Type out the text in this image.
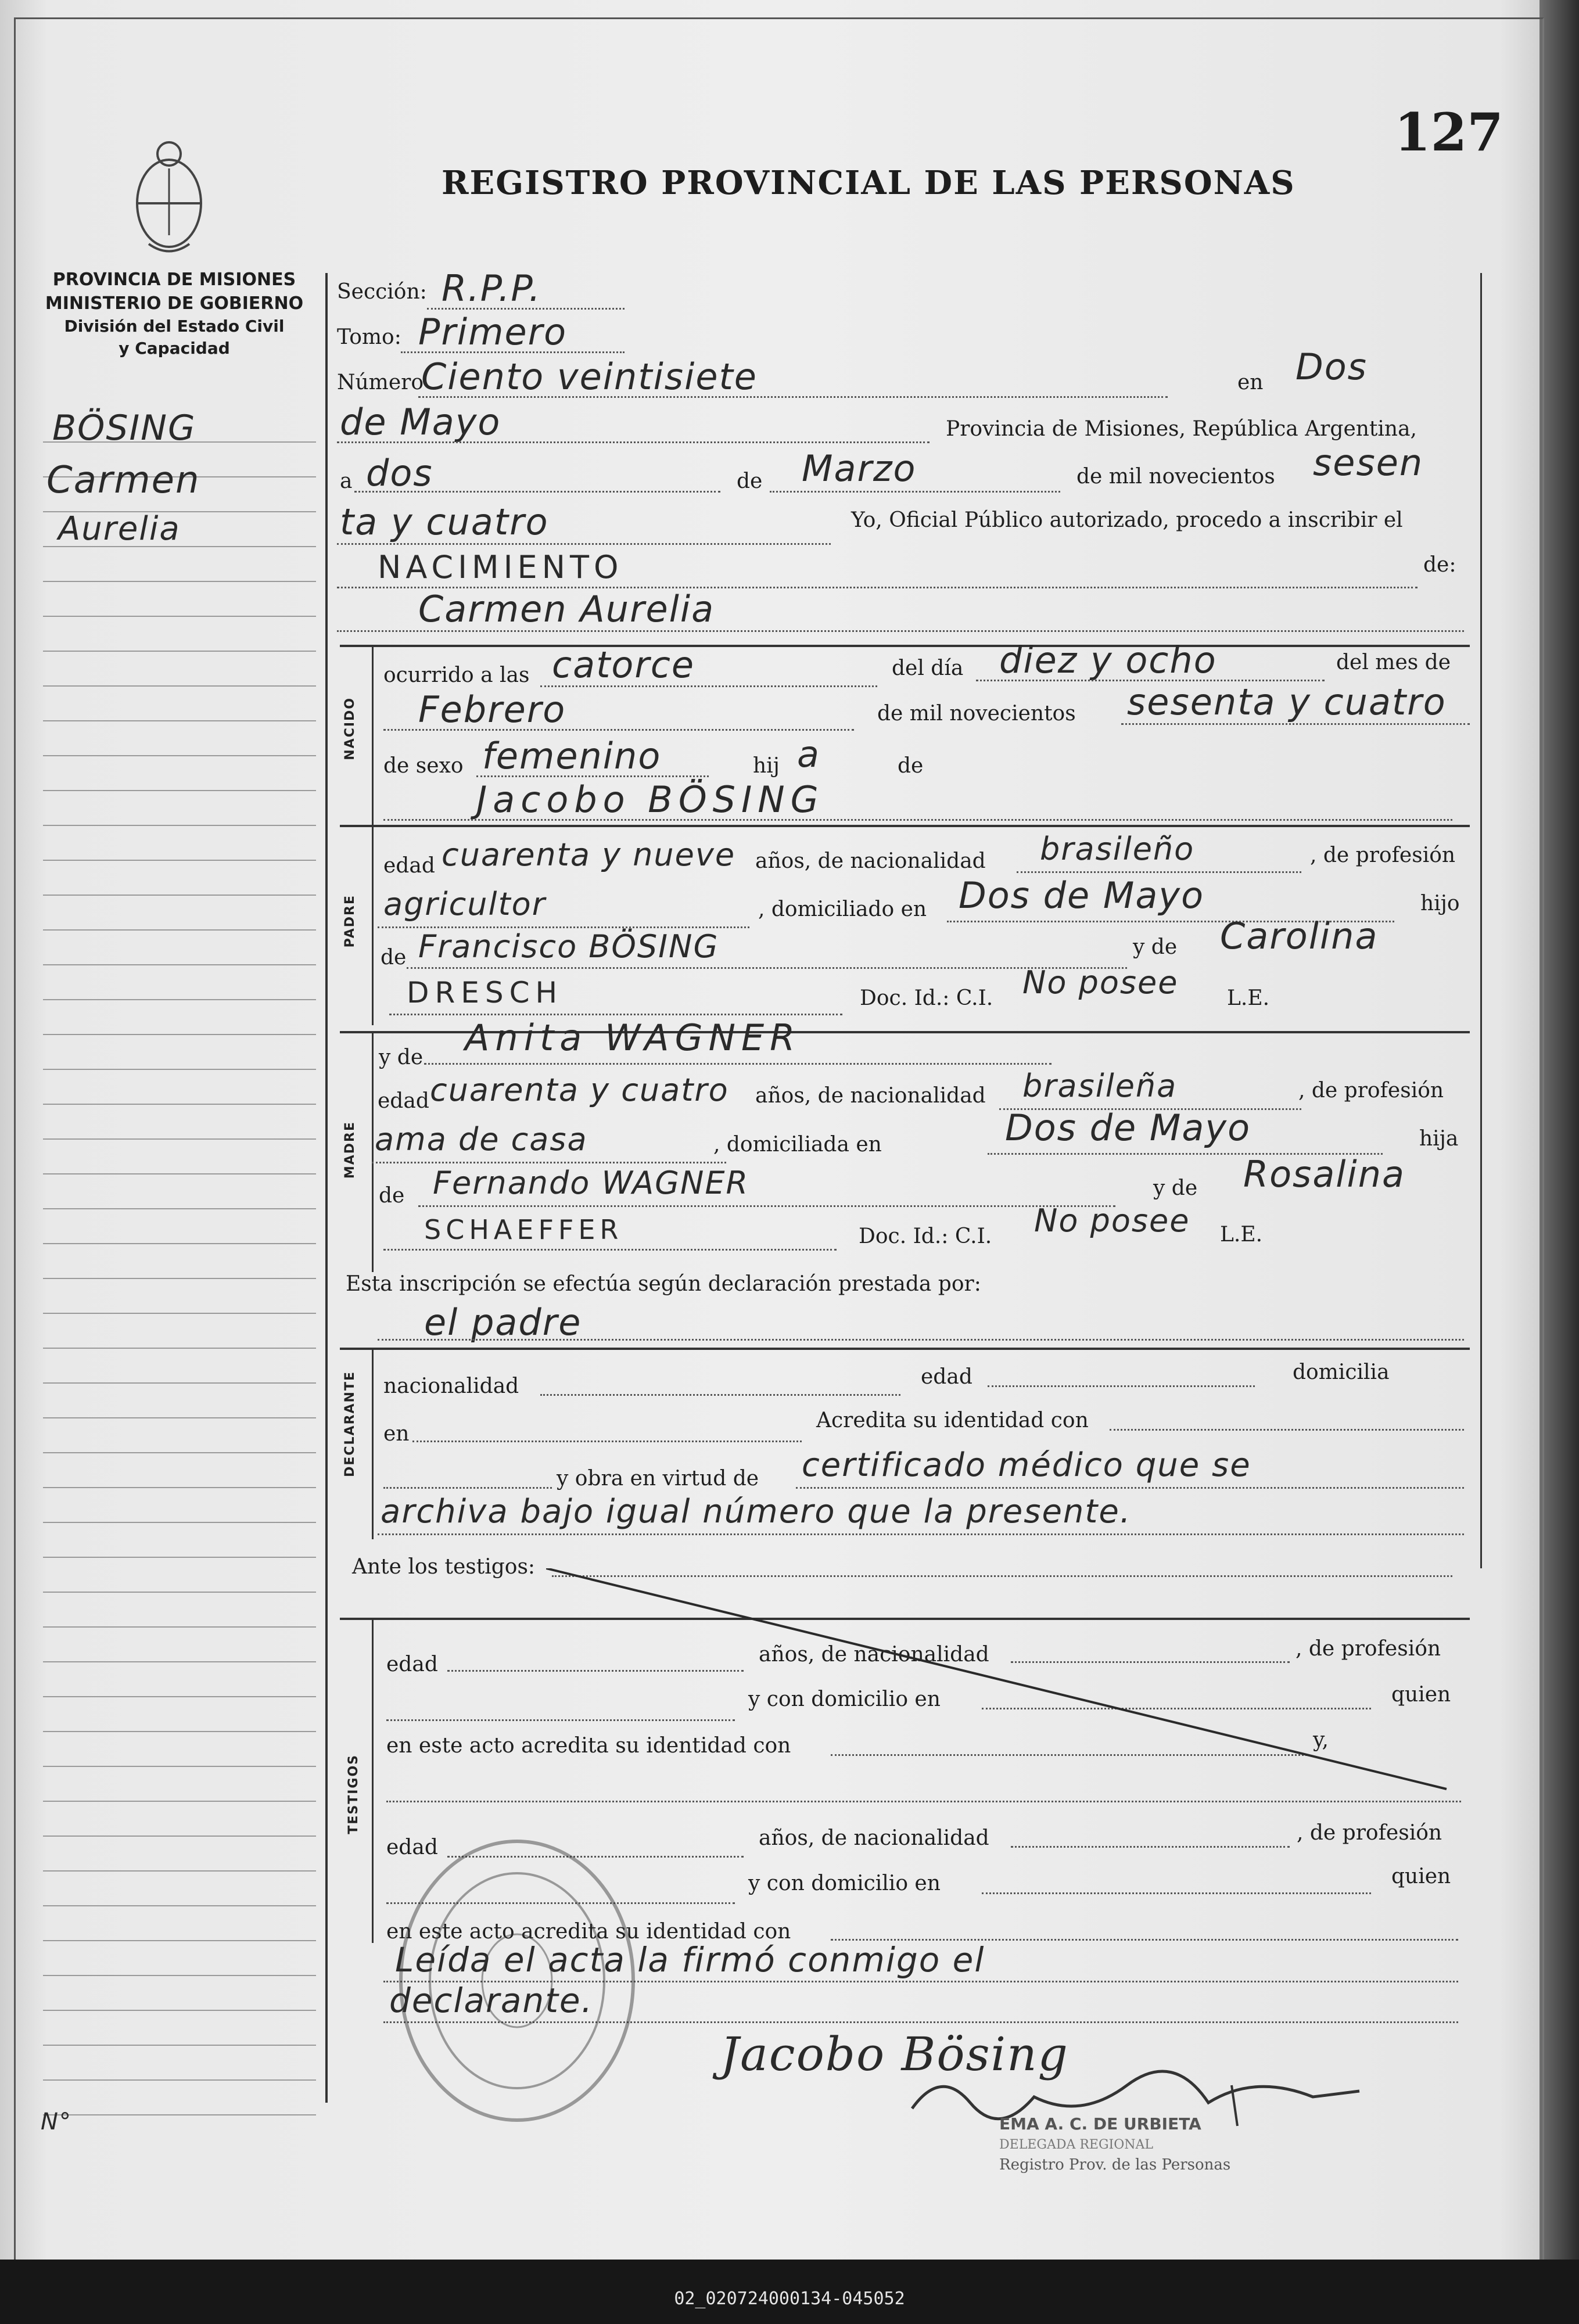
127
REGISTRO PROVINCIAL DE LAS PERSONAS
PROVINCIA DE MISIONES
MINISTERIO DE GOBIERNO
División del Estado Civil
y Capacidad
BÖSING
Carmen
Aurelia
N°
Sección: R.P.P.
Tomo: Primero
Número
Ciento veintisiete	en Dos
de Mayo	Provincia de Misiones, República Argentina,
a dos	de Marzo	de mil novecientos sesen
ta y cuatro	Yo, Oficial Público autorizado, procedo a inscribir el
NACIMIENTO	de:
Carmen Aurelia
NACIDO
ocurrido a las catorce	del día diez y ocho	del mes de
Febrero	de mil novecientos sesenta y cuatro
de sexo femenino	hij a	de
Jacobo BÖSING
PADRE
edad cuarenta y nueve años, de nacionalidad brasileño	, de profesión
agricultor	, domiciliado en Dos de Mayo	hijo
de Francisco BÖSING	y de Carolina
DRESCH	Doc. Id.: C.I. No posee L.E.
MADRE
y de Anita WAGNER
edad cuarenta y cuatro años, de nacionalidad brasileña	, de profesión
ama de casa	, domiciliada en	Dos de Mayo	hija
de Fernando WAGNER	y de Rosalina
SCHAEFFER	Doc. Id.: C.I. No posee L.E.
Esta inscripción se efectúa según declaración prestada por:
el padre
DECLARANTE nacionalidad	edad	domicilia
en
Acredita su identidad con
y obra en virtud de certificado médico que se
archiva bajo igual número que la presente.
Ante los testigos:
TESTIGOS
edad	años, de nacionalidad	, de profesión
y con domicilio en	quien
en este acto acredita su identidad con	y,
edad	años, de nacionalidad	, de profesión
y con domicilio en	quien
en este acto acredita su identidad con
Leída el acta la firmó conmigo el
declarante.
Jacobo Bösing
EMA A. C. DE URBIETA
DELEGADA REGIONAL
Registro Prov. de las Personas
02_020724000134-045052
